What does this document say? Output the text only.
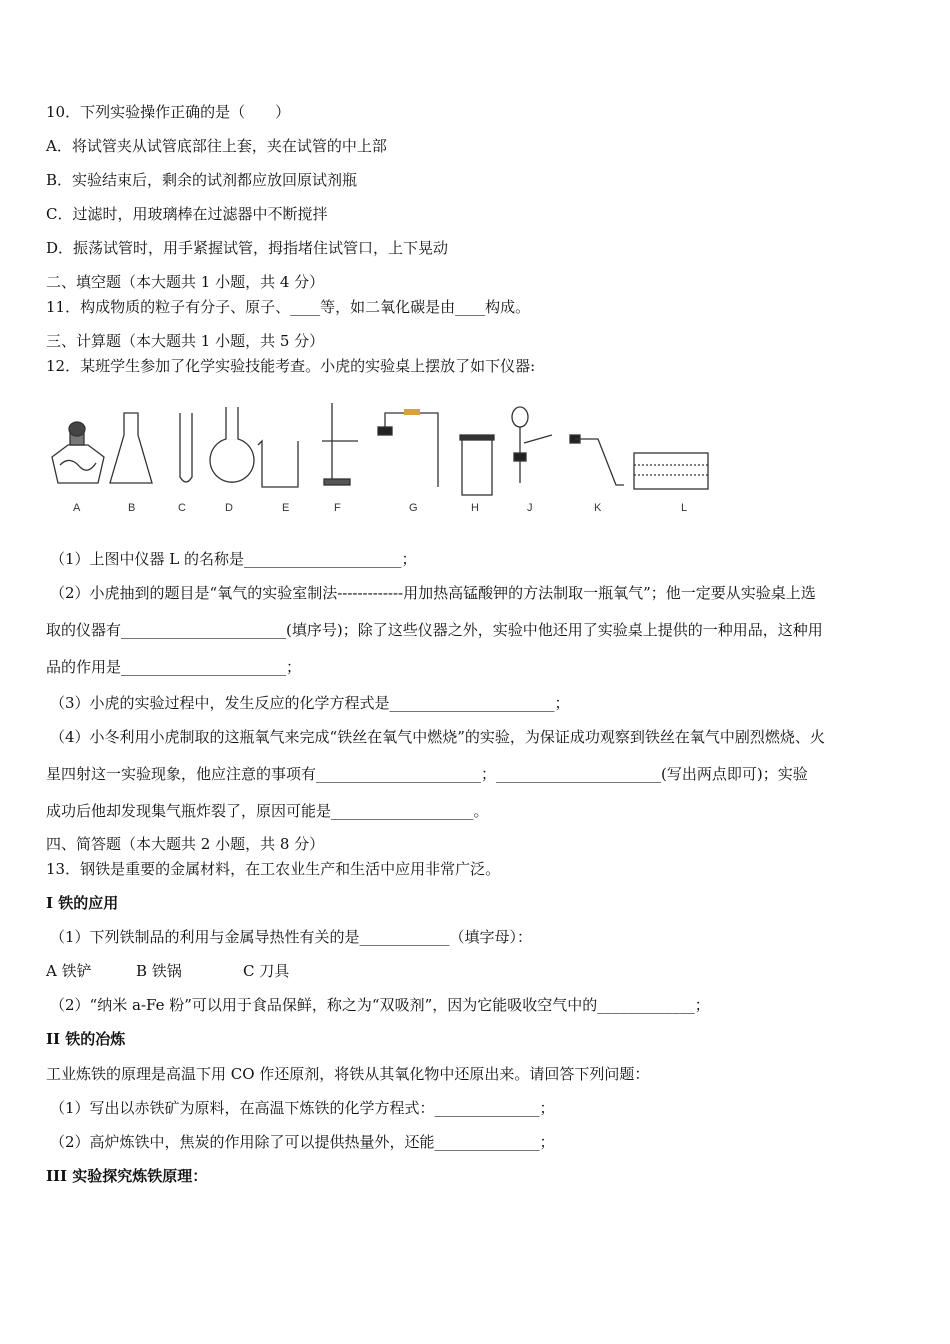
10．下列实验操作正确的是（　　）
A．将试管夹从试管底部往上套，夹在试管的中上部
B．实验结束后，剩余的试剂都应放回原试剂瓶
C．过滤时，用玻璃棒在过滤器中不断搅拌
D．振荡试管时，用手紧握试管，拇指堵住试管口，上下晃动
二、填空题（本大题共 1 小题，共 4 分）
11．构成物质的粒子有分子、原子、____等，如二氧化碳是由____构成。
三、计算题（本大题共 1 小题，共 5 分）
12．某班学生参加了化学实验技能考查。小虎的实验桌上摆放了如下仪器:
A	B	C	D	E	F	G	H	J	K	L
（1）上图中仪器 L 的名称是_____________________；
（2）小虎抽到的题目是“氧气的实验室制法-------------用加热高锰酸钾的方法制取一瓶氧气”；他一定要从实验桌上选
取的仪器有______________________(填序号)；除了这些仪器之外，实验中他还用了实验桌上提供的一种用品，这种用
品的作用是______________________；
（3）小虎的实验过程中，发生反应的化学方程式是______________________；
（4）小冬利用小虎制取的这瓶氧气来完成“铁丝在氧气中燃烧”的实验，为保证成功观察到铁丝在氧气中剧烈燃烧、火
星四射这一实验现象，他应注意的事项有______________________；______________________(写出两点即可)；实验
成功后他却发现集气瓶炸裂了，原因可能是___________________。
四、简答题（本大题共 2 小题，共 8 分）
13．钢铁是重要的金属材料，在工农业生产和生活中应用非常广泛。
I 铁的应用
（1）下列铁制品的利用与金属导热性有关的是____________（填字母）：
A 铁铲	B 铁锅	C 刀具
（2）“纳米 a-Fe 粉”可以用于食品保鲜，称之为“双吸剂”，因为它能吸收空气中的_____________；
II 铁的冶炼
工业炼铁的原理是高温下用 CO 作还原剂，将铁从其氧化物中还原出来。请回答下列问题：
（1）写出以赤铁矿为原料，在高温下炼铁的化学方程式：______________；
（2）高炉炼铁中，焦炭的作用除了可以提供热量外，还能______________；
III 实验探究炼铁原理：
